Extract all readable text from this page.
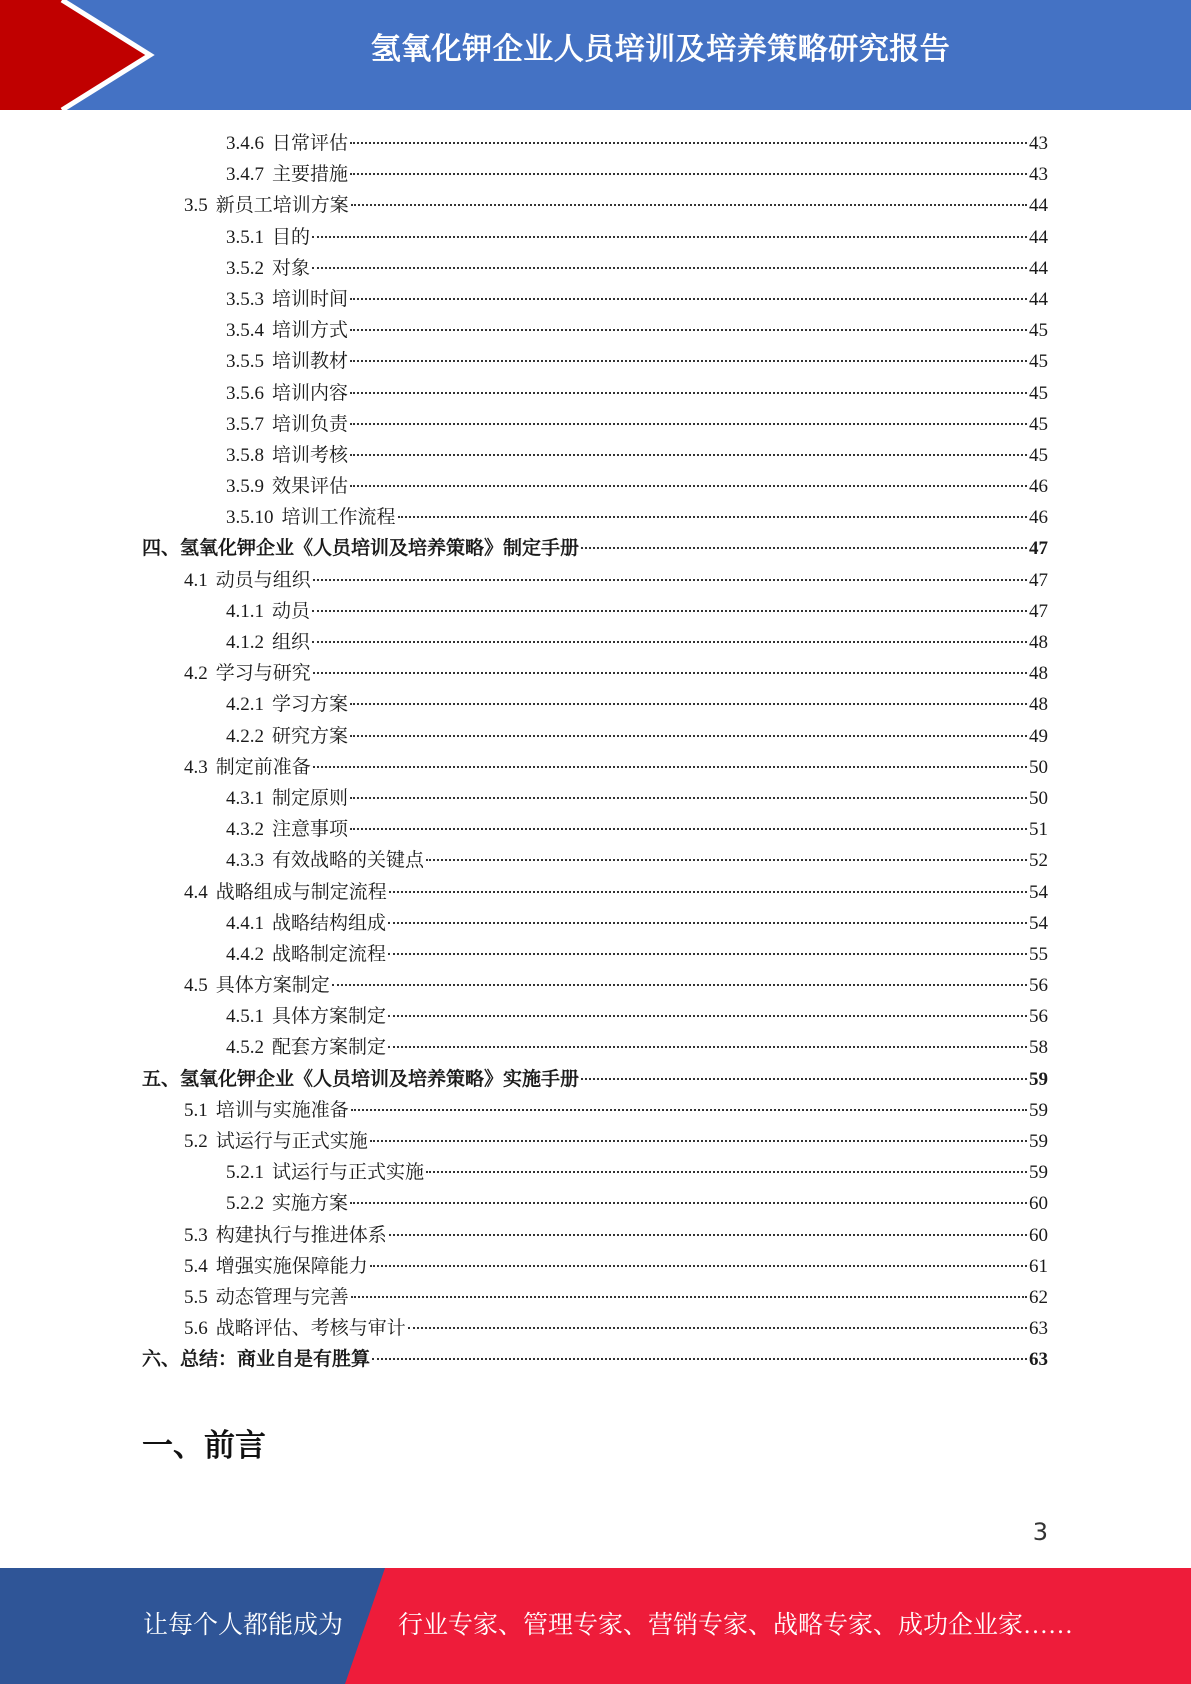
氢氧化钾企业人员培训及培养策略研究报告
3.4.6 日常评估	43
3.4.7 主要措施	43
3.5 新员工培训方案	44
3.5.1 目的	44
3.5.2 对象	44
3.5.3 培训时间	44
3.5.4 培训方式	45
3.5.5 培训教材	45
3.5.6 培训内容	45
3.5.7 培训负责	45
3.5.8 培训考核	45
3.5.9 效果评估	46
3.5.10 培训工作流程	46
四、氢氧化钾企业《人员培训及培养策略》制定手册	47
4.1 动员与组织	47
4.1.1 动员	47
4.1.2 组织	48
4.2 学习与研究	48
4.2.1 学习方案	48
4.2.2 研究方案	49
4.3 制定前准备	50
4.3.1 制定原则	50
4.3.2 注意事项	51
4.3.3 有效战略的关键点	52
4.4 战略组成与制定流程	54
4.4.1 战略结构组成	54
4.4.2 战略制定流程	55
4.5 具体方案制定	56
4.5.1 具体方案制定	56
4.5.2 配套方案制定	58
五、氢氧化钾企业《人员培训及培养策略》实施手册	59
5.1 培训与实施准备	59
5.2 试运行与正式实施	59
5.2.1 试运行与正式实施	59
5.2.2 实施方案	60
5.3 构建执行与推进体系	60
5.4 增强实施保障能力	61
5.5 动态管理与完善	62
5.6 战略评估、考核与审计	63
六、总结：商业自是有胜算	63
一、前言
3
让每个人都能成为 行业专家、管理专家、营销专家、战略专家、成功企业家……
